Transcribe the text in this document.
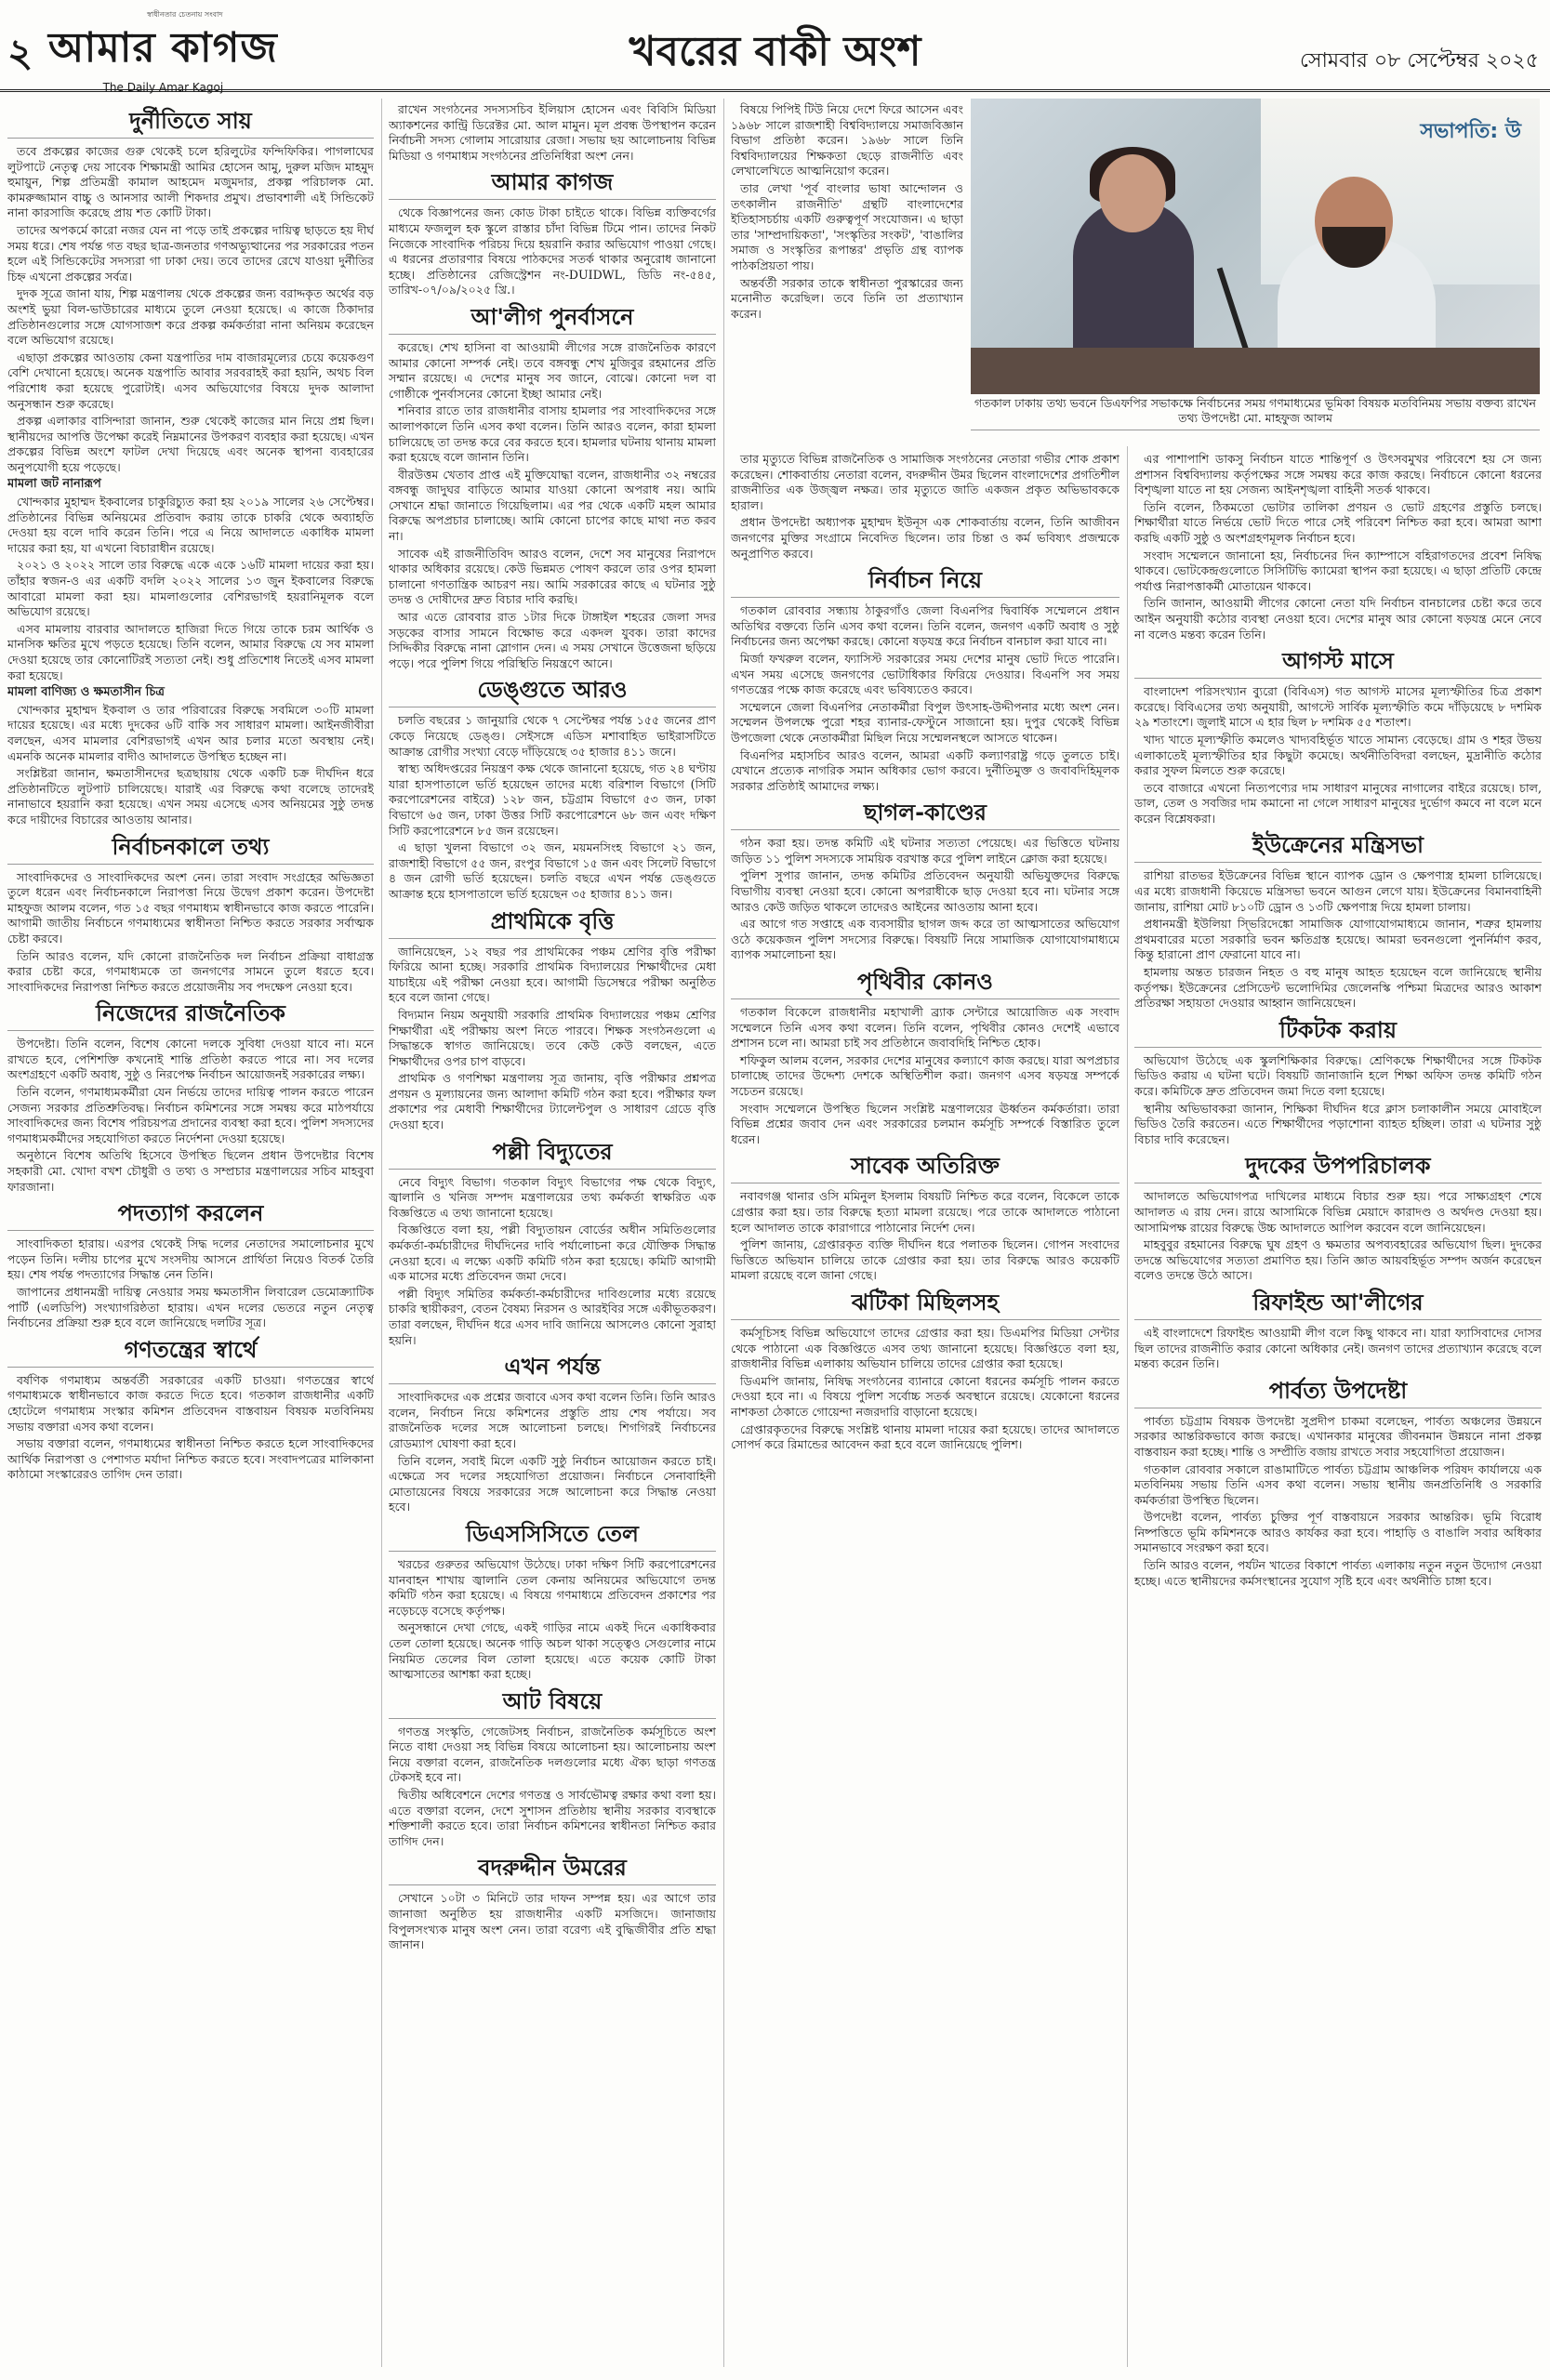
২
স্বাধীনতার চেতনায় সংবাদ
আমার কাগজ
The Daily Amar Kagoj
খবরের বাকী অংশ	সোমবার ০৮ সেপ্টেম্বর ২০২৫
দুর্নীতিতে সায়

তবে প্রকল্পের কাজের গুরু থেকেই চলে হরিলুটের ফন্দিফিকির। পাগলাঘের লুটপাটে নেতৃত্ব দেয় সাবেক শিক্ষামন্ত্রী আমির হোসেন আমু, দুরুল মজিদ মাহমুদ হুমায়ুন, শিল্প প্রতিমন্ত্রী কামাল আহমেদ মজুমদার, প্রকল্প পরিচালক মো. কামরুজ্জামান বাচ্চু ও আনসার আলী শিকদার প্রমুখ। প্রভাবশালী এই সিন্ডিকেট নানা কারসাজি করেছে প্রায় শত কোটি টাকা।

তাদের অপকর্মে কারো নজর যেন না পড়ে তাই প্রকল্পের দায়িত্ব ছাড়তে হয় দীর্ঘ সময় ধরে। শেষ পর্যন্ত গত বছর ছাত্র-জনতার গণঅভ্যুত্থানের পর সরকারের পতন হলে এই সিন্ডিকেটের সদস্যরা গা ঢাকা দেয়। তবে তাদের রেখে যাওয়া দুর্নীতির চিহ্ন এখনো প্রকল্পের সর্বত্র।

দুদক সূত্রে জানা যায়, শিল্প মন্ত্রণালয় থেকে প্রকল্পের জন্য বরাদ্দকৃত অর্থের বড় অংশই ভুয়া বিল-ভাউচারের মাধ্যমে তুলে নেওয়া হয়েছে। এ কাজে ঠিকাদার প্রতিষ্ঠানগুলোর সঙ্গে যোগসাজশ করে প্রকল্প কর্মকর্তারা নানা অনিয়ম করেছেন বলে অভিযোগ রয়েছে।

এছাড়া প্রকল্পের আওতায় কেনা যন্ত্রপাতির দাম বাজারমূল্যের চেয়ে কয়েকগুণ বেশি দেখানো হয়েছে। অনেক যন্ত্রপাতি আবার সরবরাহই করা হয়নি, অথচ বিল পরিশোধ করা হয়েছে পুরোটাই। এসব অভিযোগের বিষয়ে দুদক আলাদা অনুসন্ধান শুরু করেছে।

প্রকল্প এলাকার বাসিন্দারা জানান, শুরু থেকেই কাজের মান নিয়ে প্রশ্ন ছিল। স্থানীয়দের আপত্তি উপেক্ষা করেই নিম্নমানের উপকরণ ব্যবহার করা হয়েছে। এখন প্রকল্পের বিভিন্ন অংশে ফাটল দেখা দিয়েছে এবং অনেক স্থাপনা ব্যবহারের অনুপযোগী হয়ে পড়েছে।

মামলা জট নানারূপ

খোন্দকার মুহাম্মদ ইকবালের চাকুরিচ্যুত করা হয় ২০১৯ সালের ২৬ সেপ্টেম্বর। প্রতিষ্ঠানের বিভিন্ন অনিয়মের প্রতিবাদ করায় তাকে চাকরি থেকে অব্যাহতি দেওয়া হয় বলে দাবি করেন তিনি। পরে এ নিয়ে আদালতে একাধিক মামলা দায়ের করা হয়, যা এখনো বিচারাধীন রয়েছে।

২০২১ ও ২০২২ সালে তার বিরুদ্ধে একে একে ১৬টি মামলা দায়ের করা হয়। তাঁহার স্বজন-ও এর একটি বদলি ২০২২ সালের ১৩ জুন ইকবালের বিরুদ্ধে আবারো মামলা করা হয়। মামলাগুলোর বেশিরভাগই হয়রানিমূলক বলে অভিযোগ রয়েছে।

এসব মামলায় বারবার আদালতে হাজিরা দিতে গিয়ে তাকে চরম আর্থিক ও মানসিক ক্ষতির মুখে পড়তে হয়েছে। তিনি বলেন, আমার বিরুদ্ধে যে সব মামলা দেওয়া হয়েছে তার কোনোটিরই সত্যতা নেই। শুধু প্রতিশোধ নিতেই এসব মামলা করা হয়েছে।

মামলা বাণিজ্য ও ক্ষমতাসীন চিত্র

খোন্দকার মুহাম্মদ ইকবাল ও তার পরিবারের বিরুদ্ধে সবমিলে ৩০টি মামলা দায়ের হয়েছে। এর মধ্যে দুদকের ৬টি বাকি সব সাধারণ মামলা। আইনজীবীরা বলছেন, এসব মামলার বেশিরভাগই এখন আর চলার মতো অবস্থায় নেই। এমনকি অনেক মামলার বাদীও আদালতে উপস্থিত হচ্ছেন না।

সংশ্লিষ্টরা জানান, ক্ষমতাসীনদের ছত্রছায়ায় থেকে একটি চক্র দীর্ঘদিন ধরে প্রতিষ্ঠানটিতে লুটপাট চালিয়েছে। যারাই এর বিরুদ্ধে কথা বলেছে তাদেরই নানাভাবে হয়রানি করা হয়েছে। এখন সময় এসেছে এসব অনিয়মের সুষ্ঠু তদন্ত করে দায়ীদের বিচারের আওতায় আনার।

নির্বাচনকালে তথ্য

সাংবাদিকদের ও সাংবাদিকদের অংশ নেন। তারা সংবাদ সংগ্রহের অভিজ্ঞতা তুলে ধরেন এবং নির্বাচনকালে নিরাপত্তা নিয়ে উদ্বেগ প্রকাশ করেন। উপদেষ্টা মাহফুজ আলম বলেন, গত ১৫ বছর গণমাধ্যম স্বাধীনভাবে কাজ করতে পারেনি। আগামী জাতীয় নির্বাচনে গণমাধ্যমের স্বাধীনতা নিশ্চিত করতে সরকার সর্বাত্মক চেষ্টা করবে।

তিনি আরও বলেন, যদি কোনো রাজনৈতিক দল নির্বাচন প্রক্রিয়া বাধাগ্রস্ত করার চেষ্টা করে, গণমাধ্যমকে তা জনগণের সামনে তুলে ধরতে হবে। সাংবাদিকদের নিরাপত্তা নিশ্চিত করতে প্রয়োজনীয় সব পদক্ষেপ নেওয়া হবে।

নিজেদের রাজনৈতিক

উপদেষ্টা। তিনি বলেন, বিশেষ কোনো দলকে সুবিধা দেওয়া যাবে না। মনে রাখতে হবে, পেশিশক্তি কখনোই শান্তি প্রতিষ্ঠা করতে পারে না। সব দলের অংশগ্রহণে একটি অবাধ, সুষ্ঠু ও নিরপেক্ষ নির্বাচন আয়োজনই সরকারের লক্ষ্য।

তিনি বলেন, গণমাধ্যমকর্মীরা যেন নির্ভয়ে তাদের দায়িত্ব পালন করতে পারেন সেজন্য সরকার প্রতিশ্রুতিবদ্ধ। নির্বাচন কমিশনের সঙ্গে সমন্বয় করে মাঠপর্যায়ে সাংবাদিকদের জন্য বিশেষ পরিচয়পত্র প্রদানের ব্যবস্থা করা হবে। পুলিশ সদস্যদের গণমাধ্যমকর্মীদের সহযোগিতা করতে নির্দেশনা দেওয়া হয়েছে।

অনুষ্ঠানে বিশেষ অতিথি হিসেবে উপস্থিত ছিলেন প্রধান উপদেষ্টার বিশেষ সহকারী মো. খোদা বখশ চৌধুরী ও তথ্য ও সম্প্রচার মন্ত্রণালয়ের সচিব মাহবুবা ফারজানা।

পদত্যাগ করলেন

সাংবাদিকতা হারায়। এরপর থেকেই সিদ্ধ দলের নেতাদের সমালোচনার মুখে পড়েন তিনি। দলীয় চাপের মুখে সংসদীয় আসনে প্রার্থিতা নিয়েও বিতর্ক তৈরি হয়। শেষ পর্যন্ত পদত্যাগের সিদ্ধান্ত নেন তিনি।

জাপানের প্রধানমন্ত্রী দায়িত্ব নেওয়ার সময় ক্ষমতাসীন লিবারেল ডেমোক্র্যাটিক পার্টি (এলডিপি) সংখ্যাগরিষ্ঠতা হারায়। এখন দলের ভেতরে নতুন নেতৃত্ব নির্বাচনের প্রক্রিয়া শুরু হবে বলে জানিয়েছে দলটির সূত্র।

গণতন্ত্রের স্বার্থে

বর্ষণিক গণমাধ্যম অন্তর্বর্তী সরকারের একটি চাওয়া। গণতন্ত্রের স্বার্থে গণমাধ্যমকে স্বাধীনভাবে কাজ করতে দিতে হবে। গতকাল রাজধানীর একটি হোটেলে গণমাধ্যম সংস্কার কমিশন প্রতিবেদন বাস্তবায়ন বিষয়ক মতবিনিময় সভায় বক্তারা এসব কথা বলেন।

সভায় বক্তারা বলেন, গণমাধ্যমের স্বাধীনতা নিশ্চিত করতে হলে সাংবাদিকদের আর্থিক নিরাপত্তা ও পেশাগত মর্যাদা নিশ্চিত করতে হবে। সংবাদপত্রের মালিকানা কাঠামো সংস্কারেরও তাগিদ দেন তারা।

রাখেন সংগঠনের সদস্যসচিব ইলিয়াস হোসেন এবং বিবিসি মিডিয়া অ্যাকশনের কান্ট্রি ডিরেক্টর মো. আল মামুন। মূল প্রবন্ধ উপস্থাপন করেন নির্বাচনী সদস্য গোলাম সারোয়ার রেজা। সভায় ছয় আলোচনায় বিভিন্ন মিডিয়া ও গণমাধ্যম সংগঠনের প্রতিনিধিরা অংশ নেন।

আমার কাগজ

থেকে বিজ্ঞাপনের জন্য কোড টাকা চাইতে থাকে। বিভিন্ন ব্যক্তিবর্গের মাধ্যমে ফজলুল হক স্কুলে রাস্তার চাঁদা বিভিন্ন টিমে পান। তাদের নিকট নিজেকে সাংবাদিক পরিচয় দিয়ে হয়রানি করার অভিযোগ পাওয়া গেছে। এ ধরনের প্রতারণার বিষয়ে পাঠকদের সতর্ক থাকার অনুরোধ জানানো হচ্ছে। প্রতিষ্ঠানের রেজিস্ট্রেশন নং-DUIDWL, ডিডি নং-৫৪৫, তারিখ-০৭/০৯/২০২৫ খ্রি.।

আ'লীগ পুনর্বাসনে

করেছে। শেখ হাসিনা বা আওয়ামী লীগের সঙ্গে রাজনৈতিক কারণে আমার কোনো সম্পর্ক নেই। তবে বঙ্গবন্ধু শেখ মুজিবুর রহমানের প্রতি সম্মান রয়েছে। এ দেশের মানুষ সব জানে, বোঝে। কোনো দল বা গোষ্ঠীকে পুনর্বাসনের কোনো ইচ্ছা আমার নেই।

শনিবার রাতে তার রাজধানীর বাসায় হামলার পর সাংবাদিকদের সঙ্গে আলাপকালে তিনি এসব কথা বলেন। তিনি আরও বলেন, কারা হামলা চালিয়েছে তা তদন্ত করে বের করতে হবে। হামলার ঘটনায় থানায় মামলা করা হয়েছে বলে জানান তিনি।

বীরউত্তম খেতাব প্রাপ্ত এই মুক্তিযোদ্ধা বলেন, রাজধানীর ৩২ নম্বরের বঙ্গবন্ধু জাদুঘর বাড়িতে আমার যাওয়া কোনো অপরাধ নয়। আমি সেখানে শ্রদ্ধা জানাতে গিয়েছিলাম। এর পর থেকে একটি মহল আমার বিরুদ্ধে অপপ্রচার চালাচ্ছে। আমি কোনো চাপের কাছে মাথা নত করব না।

সাবেক এই রাজনীতিবিদ আরও বলেন, দেশে সব মানুষের নিরাপদে থাকার অধিকার রয়েছে। কেউ ভিন্নমত পোষণ করলে তার ওপর হামলা চালানো গণতান্ত্রিক আচরণ নয়। আমি সরকারের কাছে এ ঘটনার সুষ্ঠু তদন্ত ও দোষীদের দ্রুত বিচার দাবি করছি।

আর এতে রোববার রাত ১টার দিকে টাঙ্গাইল শহরের জেলা সদর সড়কের বাসার সামনে বিক্ষোভ করে একদল যুবক। তারা কাদের সিদ্দিকীর বিরুদ্ধে নানা স্লোগান দেন। এ সময় সেখানে উত্তেজনা ছড়িয়ে পড়ে। পরে পুলিশ গিয়ে পরিস্থিতি নিয়ন্ত্রণে আনে।

ডেঙ্গুতে আরও

চলতি বছরের ১ জানুয়ারি থেকে ৭ সেপ্টেম্বর পর্যন্ত ১৫৫ জনের প্রাণ কেড়ে নিয়েছে ডেঙ্গু। সেইসঙ্গে এডিস মশাবাহিত ভাইরাসটিতে আক্রান্ত রোগীর সংখ্যা বেড়ে দাঁড়িয়েছে ৩৫ হাজার ৪১১ জনে।

স্বাস্থ্য অধিদপ্তরের নিয়ন্ত্রণ কক্ষ থেকে জানানো হয়েছে, গত ২৪ ঘণ্টায় যারা হাসপাতালে ভর্তি হয়েছেন তাদের মধ্যে বরিশাল বিভাগে (সিটি করপোরেশনের বাইরে) ১২৮ জন, চট্টগ্রাম বিভাগে ৫৩ জন, ঢাকা বিভাগে ৬৫ জন, ঢাকা উত্তর সিটি করপোরেশনে ৬৮ জন এবং দক্ষিণ সিটি করপোরেশনে ৮৫ জন রয়েছেন।

এ ছাড়া খুলনা বিভাগে ৩২ জন, ময়মনসিংহ বিভাগে ২১ জন, রাজশাহী বিভাগে ৫৫ জন, রংপুর বিভাগে ১৫ জন এবং সিলেট বিভাগে ৪ জন রোগী ভর্তি হয়েছেন। চলতি বছরে এখন পর্যন্ত ডেঙ্গুতে আক্রান্ত হয়ে হাসপাতালে ভর্তি হয়েছেন ৩৫ হাজার ৪১১ জন।

প্রাথমিকে বৃত্তি

জানিয়েছেন, ১২ বছর পর প্রাথমিকের পঞ্চম শ্রেণির বৃত্তি পরীক্ষা ফিরিয়ে আনা হচ্ছে। সরকারি প্রাথমিক বিদ্যালয়ের শিক্ষার্থীদের মেধা যাচাইয়ে এই পরীক্ষা নেওয়া হবে। আগামী ডিসেম্বরে পরীক্ষা অনুষ্ঠিত হবে বলে জানা গেছে।

বিদ্যমান নিয়ম অনুযায়ী সরকারি প্রাথমিক বিদ্যালয়ের পঞ্চম শ্রেণির শিক্ষার্থীরা এই পরীক্ষায় অংশ নিতে পারবে। শিক্ষক সংগঠনগুলো এ সিদ্ধান্তকে স্বাগত জানিয়েছে। তবে কেউ কেউ বলছেন, এতে শিক্ষার্থীদের ওপর চাপ বাড়বে।

প্রাথমিক ও গণশিক্ষা মন্ত্রণালয় সূত্র জানায়, বৃত্তি পরীক্ষার প্রশ্নপত্র প্রণয়ন ও মূল্যায়নের জন্য আলাদা কমিটি গঠন করা হবে। পরীক্ষার ফল প্রকাশের পর মেধাবী শিক্ষার্থীদের ট্যালেন্টপুল ও সাধারণ গ্রেডে বৃত্তি দেওয়া হবে।

পল্লী বিদ্যুতের

নেবে বিদ্যুৎ বিভাগ। গতকাল বিদ্যুৎ বিভাগের পক্ষ থেকে বিদ্যুৎ, জ্বালানি ও খনিজ সম্পদ মন্ত্রণালয়ের তথ্য কর্মকর্তা স্বাক্ষরিত এক বিজ্ঞপ্তিতে এ তথ্য জানানো হয়েছে।

বিজ্ঞপ্তিতে বলা হয়, পল্লী বিদ্যুতায়ন বোর্ডের অধীন সমিতিগুলোর কর্মকর্তা-কর্মচারীদের দীর্ঘদিনের দাবি পর্যালোচনা করে যৌক্তিক সিদ্ধান্ত নেওয়া হবে। এ লক্ষ্যে একটি কমিটি গঠন করা হয়েছে। কমিটি আগামী এক মাসের মধ্যে প্রতিবেদন জমা দেবে।

পল্লী বিদ্যুৎ সমিতির কর্মকর্তা-কর্মচারীদের দাবিগুলোর মধ্যে রয়েছে চাকরি স্থায়ীকরণ, বেতন বৈষম্য নিরসন ও আরইবির সঙ্গে একীভূতকরণ। তারা বলছেন, দীর্ঘদিন ধরে এসব দাবি জানিয়ে আসলেও কোনো সুরাহা হয়নি।

এখন পর্যন্ত

সাংবাদিকদের এক প্রশ্নের জবাবে এসব কথা বলেন তিনি। তিনি আরও বলেন, নির্বাচন নিয়ে কমিশনের প্রস্তুতি প্রায় শেষ পর্যায়ে। সব রাজনৈতিক দলের সঙ্গে আলোচনা চলছে। শিগগিরই নির্বাচনের রোডম্যাপ ঘোষণা করা হবে।

তিনি বলেন, সবাই মিলে একটি সুষ্ঠু নির্বাচন আয়োজন করতে চাই। এক্ষেত্রে সব দলের সহযোগিতা প্রয়োজন। নির্বাচনে সেনাবাহিনী মোতায়েনের বিষয়ে সরকারের সঙ্গে আলোচনা করে সিদ্ধান্ত নেওয়া হবে।

ডিএসসিসিতে তেল

খরচের গুরুতর অভিযোগ উঠেছে। ঢাকা দক্ষিণ সিটি করপোরেশনের যানবাহন শাখায় জ্বালানি তেল কেনায় অনিয়মের অভিযোগে তদন্ত কমিটি গঠন করা হয়েছে। এ বিষয়ে গণমাধ্যমে প্রতিবেদন প্রকাশের পর নড়েচড়ে বসেছে কর্তৃপক্ষ।

অনুসন্ধানে দেখা গেছে, একই গাড়ির নামে একই দিনে একাধিকবার তেল তোলা হয়েছে। অনেক গাড়ি অচল থাকা সত্ত্বেও সেগুলোর নামে নিয়মিত তেলের বিল তোলা হয়েছে। এতে কয়েক কোটি টাকা আত্মসাতের আশঙ্কা করা হচ্ছে।

আট বিষয়ে

গণতন্ত্র সংস্কৃতি, গেজেটসহ নির্বাচন, রাজনৈতিক কর্মসূচিতে অংশ নিতে বাধা দেওয়া সহ বিভিন্ন বিষয়ে আলোচনা হয়। আলোচনায় অংশ নিয়ে বক্তারা বলেন, রাজনৈতিক দলগুলোর মধ্যে ঐক্য ছাড়া গণতন্ত্র টেকসই হবে না।

দ্বিতীয় অধিবেশনে দেশের গণতন্ত্র ও সার্বভৌমত্ব রক্ষার কথা বলা হয়। এতে বক্তারা বলেন, দেশে সুশাসন প্রতিষ্ঠায় স্থানীয় সরকার ব্যবস্থাকে শক্তিশালী করতে হবে। তারা নির্বাচন কমিশনের স্বাধীনতা নিশ্চিত করার তাগিদ দেন।

বদরুদ্দীন উমরের

সেখানে ১০টা ৩ মিনিটে তার দাফন সম্পন্ন হয়। এর আগে তার জানাজা অনুষ্ঠিত হয় রাজধানীর একটি মসজিদে। জানাজায় বিপুলসংখ্যক মানুষ অংশ নেন। তারা বরেণ্য এই বুদ্ধিজীবীর প্রতি শ্রদ্ধা জানান।

সভাপতি: উ
গতকাল ঢাকায় তথ্য ভবনে ডিএফপির সভাকক্ষে নির্বাচনের সময় গণমাধ্যমের ভূমিকা বিষয়ক মতবিনিময় সভায় বক্তব্য রাখেন তথ্য উপদেষ্টা মো. মাহফুজ আলম

বিষয়ে পিপিই টিউ নিয়ে দেশে ফিরে আসেন এবং ১৯৬৮ সালে রাজশাহী বিশ্ববিদ্যালয়ে সমাজবিজ্ঞান বিভাগ প্রতিষ্ঠা করেন। ১৯৬৮ সালে তিনি বিশ্ববিদ্যালয়ের শিক্ষকতা ছেড়ে রাজনীতি এবং লেখালেখিতে আত্মনিয়োগ করেন।

তার লেখা 'পূর্ব বাংলার ভাষা আন্দোলন ও তৎকালীন রাজনীতি' গ্রন্থটি বাংলাদেশের ইতিহাসচর্চায় একটি গুরুত্বপূর্ণ সংযোজন। এ ছাড়া তার 'সাম্প্রদায়িকতা', 'সংস্কৃতির সংকট', 'বাঙালির সমাজ ও সংস্কৃতির রূপান্তর' প্রভৃতি গ্রন্থ ব্যাপক পাঠকপ্রিয়তা পায়।

অন্তর্বর্তী সরকার তাকে স্বাধীনতা পুরস্কারের জন্য মনোনীত করেছিল। তবে তিনি তা প্রত্যাখ্যান করেন।

তার মৃত্যুতে বিভিন্ন রাজনৈতিক ও সামাজিক সংগঠনের নেতারা গভীর শোক প্রকাশ করেছেন। শোকবার্তায় নেতারা বলেন, বদরুদ্দীন উমর ছিলেন বাংলাদেশের প্রগতিশীল রাজনীতির এক উজ্জ্বল নক্ষত্র। তার মৃত্যুতে জাতি একজন প্রকৃত অভিভাবককে হারাল।

প্রধান উপদেষ্টা অধ্যাপক মুহাম্মদ ইউনূস এক শোকবার্তায় বলেন, তিনি আজীবন জনগণের মুক্তির সংগ্রামে নিবেদিত ছিলেন। তার চিন্তা ও কর্ম ভবিষ্যৎ প্রজন্মকে অনুপ্রাণিত করবে।

নির্বাচন নিয়ে

গতকাল রোববার সন্ধ্যায় ঠাকুরগাঁও জেলা বিএনপির দ্বিবার্ষিক সম্মেলনে প্রধান অতিথির বক্তব্যে তিনি এসব কথা বলেন। তিনি বলেন, জনগণ একটি অবাধ ও সুষ্ঠু নির্বাচনের জন্য অপেক্ষা করছে। কোনো ষড়যন্ত্র করে নির্বাচন বানচাল করা যাবে না।

মির্জা ফখরুল বলেন, ফ্যাসিস্ট সরকারের সময় দেশের মানুষ ভোট দিতে পারেনি। এখন সময় এসেছে জনগণের ভোটাধিকার ফিরিয়ে দেওয়ার। বিএনপি সব সময় গণতন্ত্রের পক্ষে কাজ করেছে এবং ভবিষ্যতেও করবে।

সম্মেলনে জেলা বিএনপির নেতাকর্মীরা বিপুল উৎসাহ-উদ্দীপনার মধ্যে অংশ নেন। সম্মেলন উপলক্ষে পুরো শহর ব্যানার-ফেস্টুনে সাজানো হয়। দুপুর থেকেই বিভিন্ন উপজেলা থেকে নেতাকর্মীরা মিছিল নিয়ে সম্মেলনস্থলে আসতে থাকেন।

বিএনপির মহাসচিব আরও বলেন, আমরা একটি কল্যাণরাষ্ট্র গড়ে তুলতে চাই। যেখানে প্রত্যেক নাগরিক সমান অধিকার ভোগ করবে। দুর্নীতিমুক্ত ও জবাবদিহিমূলক সরকার প্রতিষ্ঠাই আমাদের লক্ষ্য।

ছাগল-কাণ্ডের

গঠন করা হয়। তদন্ত কমিটি এই ঘটনার সত্যতা পেয়েছে। এর ভিত্তিতে ঘটনায় জড়িত ১১ পুলিশ সদস্যকে সাময়িক বরখাস্ত করে পুলিশ লাইনে ক্লোজ করা হয়েছে।

পুলিশ সুপার জানান, তদন্ত কমিটির প্রতিবেদন অনুযায়ী অভিযুক্তদের বিরুদ্ধে বিভাগীয় ব্যবস্থা নেওয়া হবে। কোনো অপরাধীকে ছাড় দেওয়া হবে না। ঘটনার সঙ্গে আরও কেউ জড়িত থাকলে তাদেরও আইনের আওতায় আনা হবে।

এর আগে গত সপ্তাহে এক ব্যবসায়ীর ছাগল জব্দ করে তা আত্মসাতের অভিযোগ ওঠে কয়েকজন পুলিশ সদস্যের বিরুদ্ধে। বিষয়টি নিয়ে সামাজিক যোগাযোগমাধ্যমে ব্যাপক সমালোচনা হয়।

পৃথিবীর কোনও

গতকাল বিকেলে রাজধানীর মহাখালী ব্র্যাক সেন্টারে আয়োজিত এক সংবাদ সম্মেলনে তিনি এসব কথা বলেন। তিনি বলেন, পৃথিবীর কোনও দেশেই এভাবে প্রশাসন চলে না। আমরা চাই সব প্রতিষ্ঠানে জবাবদিহি নিশ্চিত হোক।

শফিকুল আলম বলেন, সরকার দেশের মানুষের কল্যাণে কাজ করছে। যারা অপপ্রচার চালাচ্ছে তাদের উদ্দেশ্য দেশকে অস্থিতিশীল করা। জনগণ এসব ষড়যন্ত্র সম্পর্কে সচেতন রয়েছে।

সংবাদ সম্মেলনে উপস্থিত ছিলেন সংশ্লিষ্ট মন্ত্রণালয়ের ঊর্ধ্বতন কর্মকর্তারা। তারা বিভিন্ন প্রশ্নের জবাব দেন এবং সরকারের চলমান কর্মসূচি সম্পর্কে বিস্তারিত তুলে ধরেন।

সাবেক অতিরিক্ত

নবাবগঞ্জ থানার ওসি মমিনুল ইসলাম বিষয়টি নিশ্চিত করে বলেন, বিকেলে তাকে গ্রেপ্তার করা হয়। তার বিরুদ্ধে হত্যা মামলা রয়েছে। পরে তাকে আদালতে পাঠানো হলে আদালত তাকে কারাগারে পাঠানোর নির্দেশ দেন।

পুলিশ জানায়, গ্রেপ্তারকৃত ব্যক্তি দীর্ঘদিন ধরে পলাতক ছিলেন। গোপন সংবাদের ভিত্তিতে অভিযান চালিয়ে তাকে গ্রেপ্তার করা হয়। তার বিরুদ্ধে আরও কয়েকটি মামলা রয়েছে বলে জানা গেছে।

ঝটিকা মিছিলসহ

কর্মসূচিসহ বিভিন্ন অভিযোগে তাদের গ্রেপ্তার করা হয়। ডিএমপির মিডিয়া সেন্টার থেকে পাঠানো এক বিজ্ঞপ্তিতে এসব তথ্য জানানো হয়েছে। বিজ্ঞপ্তিতে বলা হয়, রাজধানীর বিভিন্ন এলাকায় অভিযান চালিয়ে তাদের গ্রেপ্তার করা হয়েছে।

ডিএমপি জানায়, নিষিদ্ধ সংগঠনের ব্যানারে কোনো ধরনের কর্মসূচি পালন করতে দেওয়া হবে না। এ বিষয়ে পুলিশ সর্বোচ্চ সতর্ক অবস্থানে রয়েছে। যেকোনো ধরনের নাশকতা ঠেকাতে গোয়েন্দা নজরদারি বাড়ানো হয়েছে।

গ্রেপ্তারকৃতদের বিরুদ্ধে সংশ্লিষ্ট থানায় মামলা দায়ের করা হয়েছে। তাদের আদালতে সোপর্দ করে রিমান্ডের আবেদন করা হবে বলে জানিয়েছে পুলিশ।

এর পাশাপাশি ডাকসু নির্বাচন যাতে শান্তিপূর্ণ ও উৎসবমুখর পরিবেশে হয় সে জন্য প্রশাসন বিশ্ববিদ্যালয় কর্তৃপক্ষের সঙ্গে সমন্বয় করে কাজ করছে। নির্বাচনে কোনো ধরনের বিশৃঙ্খলা যাতে না হয় সেজন্য আইনশৃঙ্খলা বাহিনী সতর্ক থাকবে।

তিনি বলেন, ঠিকমতো ভোটার তালিকা প্রণয়ন ও ভোট গ্রহণের প্রস্তুতি চলছে। শিক্ষার্থীরা যাতে নির্ভয়ে ভোট দিতে পারে সেই পরিবেশ নিশ্চিত করা হবে। আমরা আশা করছি একটি সুষ্ঠু ও অংশগ্রহণমূলক নির্বাচন হবে।

সংবাদ সম্মেলনে জানানো হয়, নির্বাচনের দিন ক্যাম্পাসে বহিরাগতদের প্রবেশ নিষিদ্ধ থাকবে। ভোটকেন্দ্রগুলোতে সিসিটিভি ক্যামেরা স্থাপন করা হয়েছে। এ ছাড়া প্রতিটি কেন্দ্রে পর্যাপ্ত নিরাপত্তাকর্মী মোতায়েন থাকবে।

তিনি জানান, আওয়ামী লীগের কোনো নেতা যদি নির্বাচন বানচালের চেষ্টা করে তবে আইন অনুযায়ী কঠোর ব্যবস্থা নেওয়া হবে। দেশের মানুষ আর কোনো ষড়যন্ত্র মেনে নেবে না বলেও মন্তব্য করেন তিনি।

আগস্ট মাসে

বাংলাদেশ পরিসংখ্যান ব্যুরো (বিবিএস) গত আগস্ট মাসের মূল্যস্ফীতির চিত্র প্রকাশ করেছে। বিবিএসের তথ্য অনুযায়ী, আগস্টে সার্বিক মূল্যস্ফীতি কমে দাঁড়িয়েছে ৮ দশমিক ২৯ শতাংশে। জুলাই মাসে এ হার ছিল ৮ দশমিক ৫৫ শতাংশ।

খাদ্য খাতে মূল্যস্ফীতি কমলেও খাদ্যবহির্ভূত খাতে সামান্য বেড়েছে। গ্রাম ও শহর উভয় এলাকাতেই মূল্যস্ফীতির হার কিছুটা কমেছে। অর্থনীতিবিদরা বলছেন, মুদ্রানীতি কঠোর করার সুফল মিলতে শুরু করেছে।

তবে বাজারে এখনো নিত্যপণ্যের দাম সাধারণ মানুষের নাগালের বাইরে রয়েছে। চাল, ডাল, তেল ও সবজির দাম কমানো না গেলে সাধারণ মানুষের দুর্ভোগ কমবে না বলে মনে করেন বিশ্লেষকরা।

ইউক্রেনের মন্ত্রিসভা

রাশিয়া রাতভর ইউক্রেনের বিভিন্ন স্থানে ব্যাপক ড্রোন ও ক্ষেপণাস্ত্র হামলা চালিয়েছে। এর মধ্যে রাজধানী কিয়েভে মন্ত্রিসভা ভবনে আগুন লেগে যায়। ইউক্রেনের বিমানবাহিনী জানায়, রাশিয়া মোট ৮১০টি ড্রোন ও ১৩টি ক্ষেপণাস্ত্র দিয়ে হামলা চালায়।

প্রধানমন্ত্রী ইউলিয়া স্ভিরিদেঙ্কো সামাজিক যোগাযোগমাধ্যমে জানান, শত্রুর হামলায় প্রথমবারের মতো সরকারি ভবন ক্ষতিগ্রস্ত হয়েছে। আমরা ভবনগুলো পুনর্নির্মাণ করব, কিন্তু হারানো প্রাণ ফেরানো যাবে না।

হামলায় অন্তত চারজন নিহত ও বহু মানুষ আহত হয়েছেন বলে জানিয়েছে স্থানীয় কর্তৃপক্ষ। ইউক্রেনের প্রেসিডেন্ট ভলোদিমির জেলেনস্কি পশ্চিমা মিত্রদের আরও আকাশ প্রতিরক্ষা সহায়তা দেওয়ার আহ্বান জানিয়েছেন।

টিকটক করায়

অভিযোগ উঠেছে এক স্কুলশিক্ষিকার বিরুদ্ধে। শ্রেণিকক্ষে শিক্ষার্থীদের সঙ্গে টিকটক ভিডিও করায় এ ঘটনা ঘটে। বিষয়টি জানাজানি হলে শিক্ষা অফিস তদন্ত কমিটি গঠন করে। কমিটিকে দ্রুত প্রতিবেদন জমা দিতে বলা হয়েছে।

স্থানীয় অভিভাবকরা জানান, শিক্ষিকা দীর্ঘদিন ধরে ক্লাস চলাকালীন সময়ে মোবাইলে ভিডিও তৈরি করতেন। এতে শিক্ষার্থীদের পড়াশোনা ব্যাহত হচ্ছিল। তারা এ ঘটনার সুষ্ঠু বিচার দাবি করেছেন।

দুদকের উপপরিচালক

আদালতে অভিযোগপত্র দাখিলের মাধ্যমে বিচার শুরু হয়। পরে সাক্ষ্যগ্রহণ শেষে আদালত এ রায় দেন। রায়ে আসামিকে বিভিন্ন মেয়াদে কারাদণ্ড ও অর্থদণ্ড দেওয়া হয়। আসামিপক্ষ রায়ের বিরুদ্ধে উচ্চ আদালতে আপিল করবেন বলে জানিয়েছেন।

মাহবুবুর রহমানের বিরুদ্ধে ঘুষ গ্রহণ ও ক্ষমতার অপব্যবহারের অভিযোগ ছিল। দুদকের তদন্তে অভিযোগের সত্যতা প্রমাণিত হয়। তিনি জ্ঞাত আয়বহির্ভূত সম্পদ অর্জন করেছেন বলেও তদন্তে উঠে আসে।

রিফাইন্ড আ'লীগের

এই বাংলাদেশে রিফাইন্ড আওয়ামী লীগ বলে কিছু থাকবে না। যারা ফ্যাসিবাদের দোসর ছিল তাদের রাজনীতি করার কোনো অধিকার নেই। জনগণ তাদের প্রত্যাখ্যান করেছে বলে মন্তব্য করেন তিনি।

পার্বত্য উপদেষ্টা

পার্বত্য চট্টগ্রাম বিষয়ক উপদেষ্টা সুপ্রদীপ চাকমা বলেছেন, পার্বত্য অঞ্চলের উন্নয়নে সরকার আন্তরিকভাবে কাজ করছে। এখানকার মানুষের জীবনমান উন্নয়নে নানা প্রকল্প বাস্তবায়ন করা হচ্ছে। শান্তি ও সম্প্রীতি বজায় রাখতে সবার সহযোগিতা প্রয়োজন।

গতকাল রোববার সকালে রাঙামাটিতে পার্বত্য চট্টগ্রাম আঞ্চলিক পরিষদ কার্যালয়ে এক মতবিনিময় সভায় তিনি এসব কথা বলেন। সভায় স্থানীয় জনপ্রতিনিধি ও সরকারি কর্মকর্তারা উপস্থিত ছিলেন।

উপদেষ্টা বলেন, পার্বত্য চুক্তির পূর্ণ বাস্তবায়নে সরকার আন্তরিক। ভূমি বিরোধ নিষ্পত্তিতে ভূমি কমিশনকে আরও কার্যকর করা হবে। পাহাড়ি ও বাঙালি সবার অধিকার সমানভাবে সংরক্ষণ করা হবে।

তিনি আরও বলেন, পর্যটন খাতের বিকাশে পার্বত্য এলাকায় নতুন নতুন উদ্যোগ নেওয়া হচ্ছে। এতে স্থানীয়দের কর্মসংস্থানের সুযোগ সৃষ্টি হবে এবং অর্থনীতি চাঙ্গা হবে।
